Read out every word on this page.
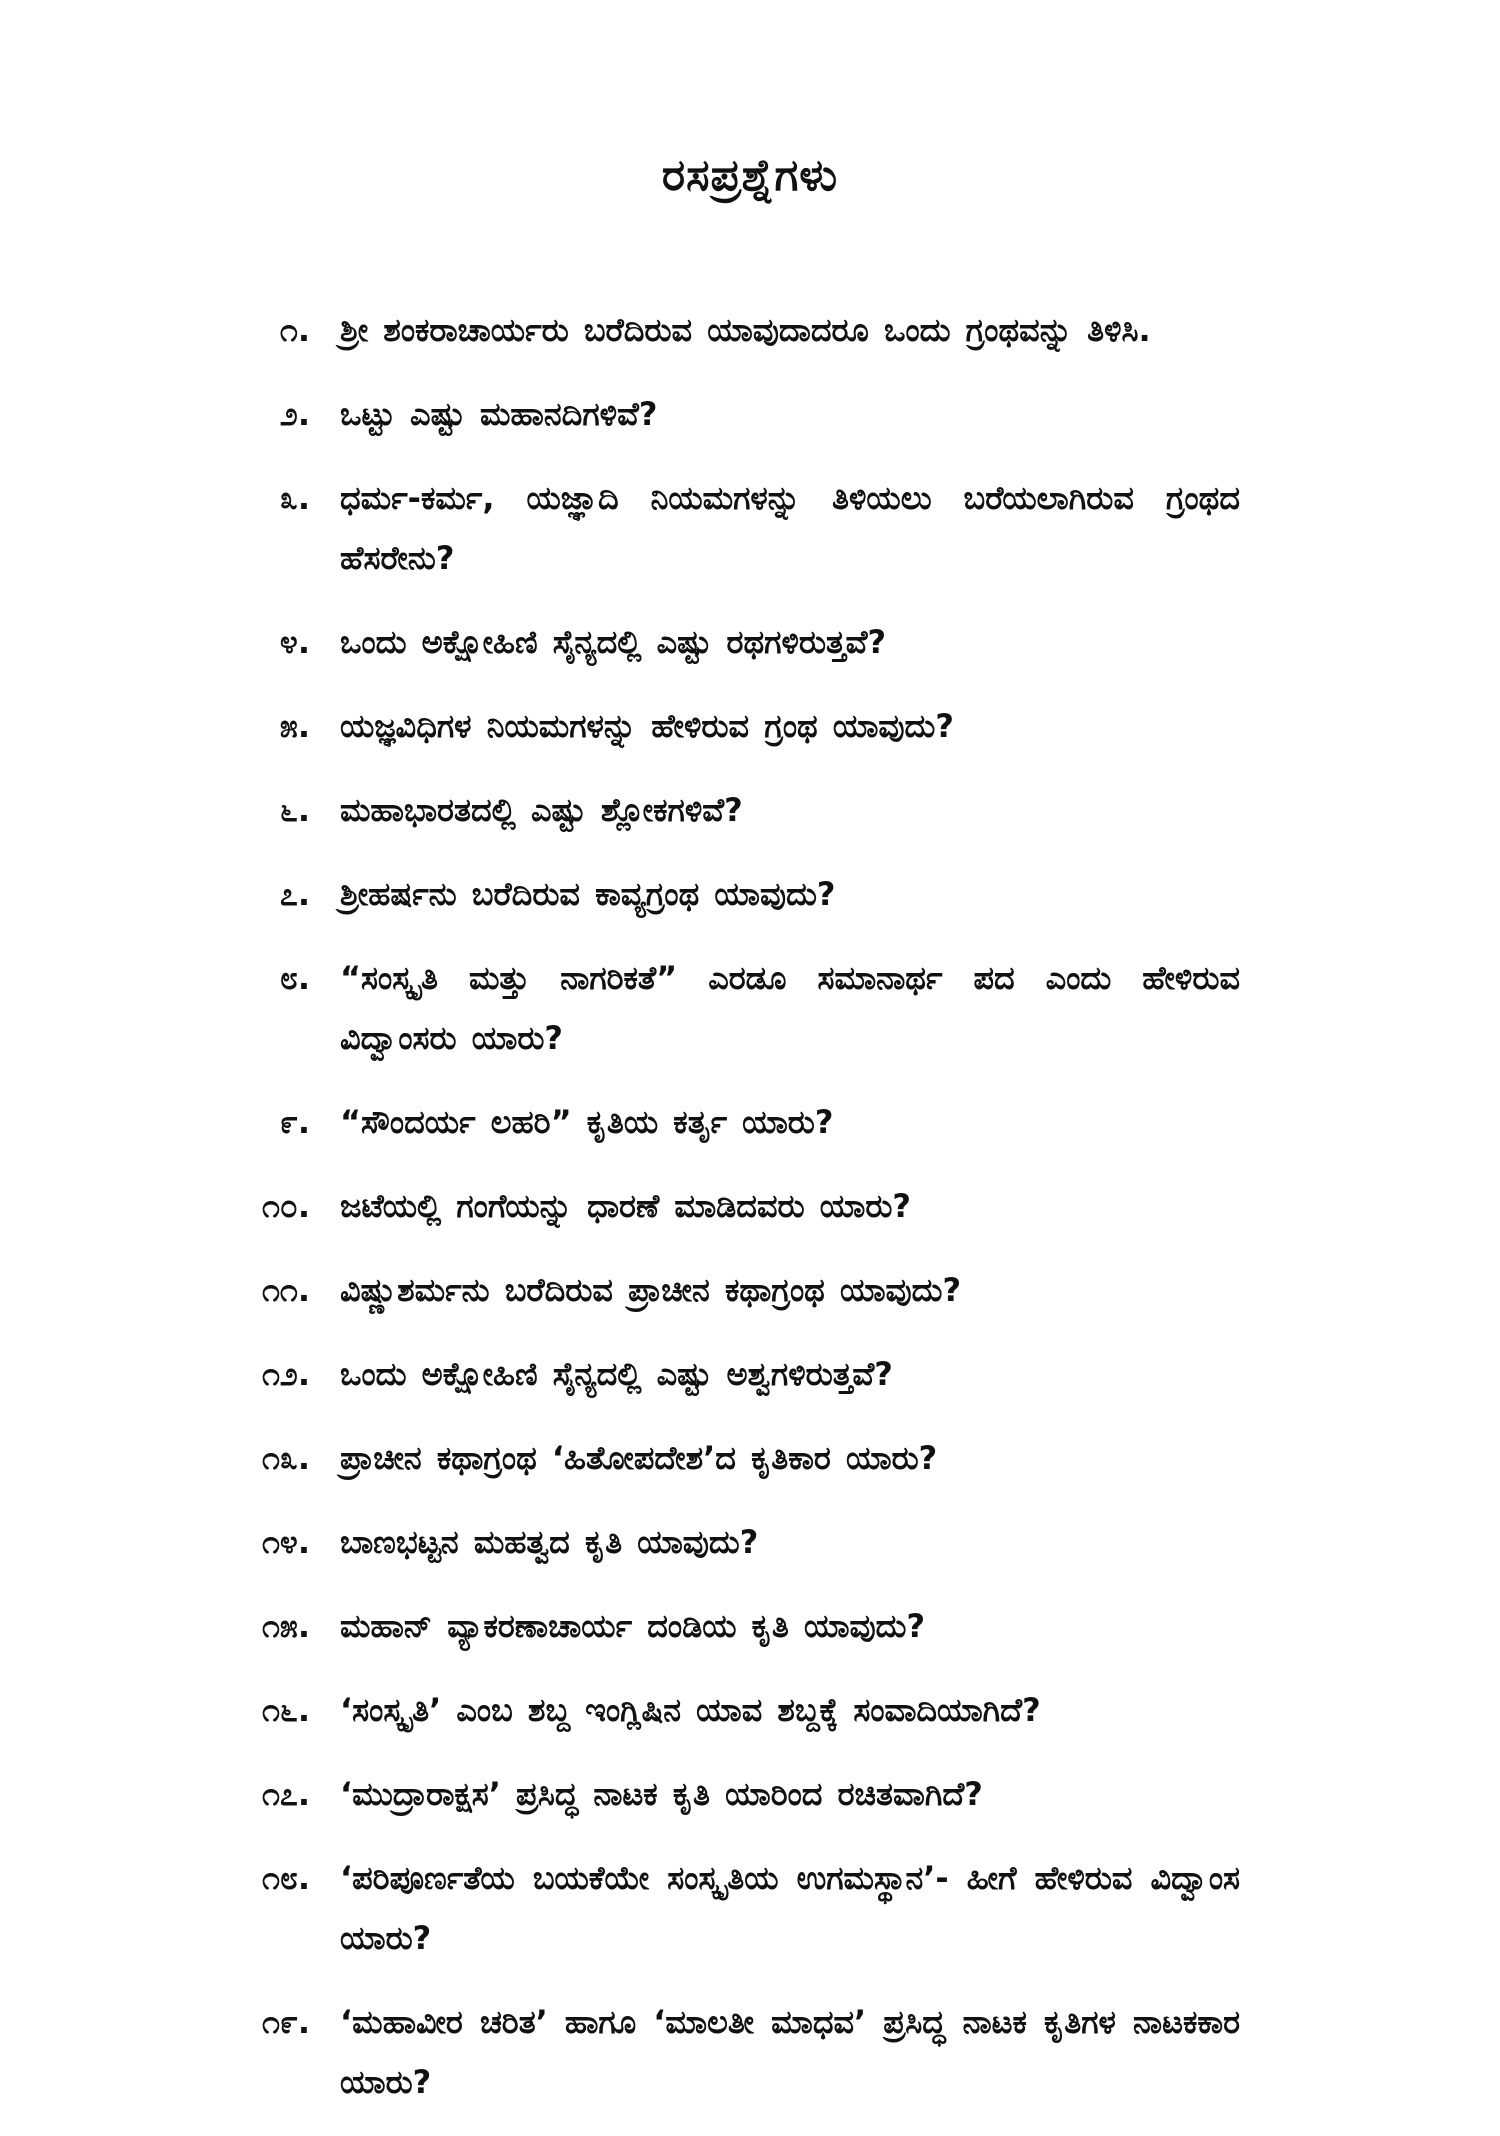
ರಸಪ್ರಶ್ನೆಗಳು
೧. ಶ್ರೀ ಶಂಕರಾಚಾರ್ಯರು ಬರೆದಿರುವ ಯಾವುದಾದರೂ ಒಂದು ಗ್ರಂಥವನ್ನು ತಿಳಿಸಿ.
೨. ಒಟ್ಟು ಎಷ್ಟು ಮಹಾನದಿಗಳಿವೆ?
೩. ಧರ್ಮ-ಕರ್ಮ, ಯಜ್ಞಾದಿ ನಿಯಮಗಳನ್ನು ತಿಳಿಯಲು ಬರೆಯಲಾಗಿರುವ ಗ್ರಂಥದ ಹೆಸರೇನು?
೪. ಒಂದು ಅಕ್ಷೋಹಿಣಿ ಸೈನ್ಯದಲ್ಲಿ ಎಷ್ಟು ರಥಗಳಿರುತ್ತವೆ?
೫. ಯಜ್ಞವಿಧಿಗಳ ನಿಯಮಗಳನ್ನು ಹೇಳಿರುವ ಗ್ರಂಥ ಯಾವುದು?
೬. ಮಹಾಭಾರತದಲ್ಲಿ ಎಷ್ಟು ಶ್ಲೋಕಗಳಿವೆ?
೭. ಶ್ರೀಹರ್ಷನು ಬರೆದಿರುವ ಕಾವ್ಯಗ್ರಂಥ ಯಾವುದು?
೮. “ಸಂಸ್ಕೃತಿ ಮತ್ತು ನಾಗರಿಕತೆ” ಎರಡೂ ಸಮಾನಾರ್ಥ ಪದ ಎಂದು ಹೇಳಿರುವ ವಿದ್ವಾಂಸರು ಯಾರು?
೯. “ಸೌಂದರ್ಯ ಲಹರಿ” ಕೃತಿಯ ಕರ್ತೃ ಯಾರು?
೧೦. ಜಟೆಯಲ್ಲಿ ಗಂಗೆಯನ್ನು ಧಾರಣೆ ಮಾಡಿದವರು ಯಾರು?
೧೧. ವಿಷ್ಣುಶರ್ಮನು ಬರೆದಿರುವ ಪ್ರಾಚೀನ ಕಥಾಗ್ರಂಥ ಯಾವುದು?
೧೨. ಒಂದು ಅಕ್ಷೋಹಿಣಿ ಸೈನ್ಯದಲ್ಲಿ ಎಷ್ಟು ಅಶ್ವಗಳಿರುತ್ತವೆ?
೧೩. ಪ್ರಾಚೀನ ಕಥಾಗ್ರಂಥ ‘ಹಿತೋಪದೇಶ’ದ ಕೃತಿಕಾರ ಯಾರು?
೧೪. ಬಾಣಭಟ್ಟನ ಮಹತ್ವದ ಕೃತಿ ಯಾವುದು?
೧೫. ಮಹಾನ್ ವ್ಯಾಕರಣಾಚಾರ್ಯ ದಂಡಿಯ ಕೃತಿ ಯಾವುದು?
೧೬. ‘ಸಂಸ್ಕೃತಿ’ ಎಂಬ ಶಬ್ದ ಇಂಗ್ಲಿಷಿನ ಯಾವ ಶಬ್ದಕ್ಕೆ ಸಂವಾದಿಯಾಗಿದೆ?
೧೭. ‘ಮುದ್ರಾರಾಕ್ಷಸ’ ಪ್ರಸಿದ್ಧ ನಾಟಕ ಕೃತಿ ಯಾರಿಂದ ರಚಿತವಾಗಿದೆ?
೧೮. ‘ಪರಿಪೂರ್ಣತೆಯ ಬಯಕೆಯೇ ಸಂಸ್ಕೃತಿಯ ಉಗಮಸ್ಥಾನ’- ಹೀಗೆ ಹೇಳಿರುವ ವಿದ್ವಾಂಸ ಯಾರು?
೧೯. ‘ಮಹಾವೀರ ಚರಿತ’ ಹಾಗೂ ‘ಮಾಲತೀ ಮಾಧವ’ ಪ್ರಸಿದ್ಧ ನಾಟಕ ಕೃತಿಗಳ ನಾಟಕಕಾರ ಯಾರು?
